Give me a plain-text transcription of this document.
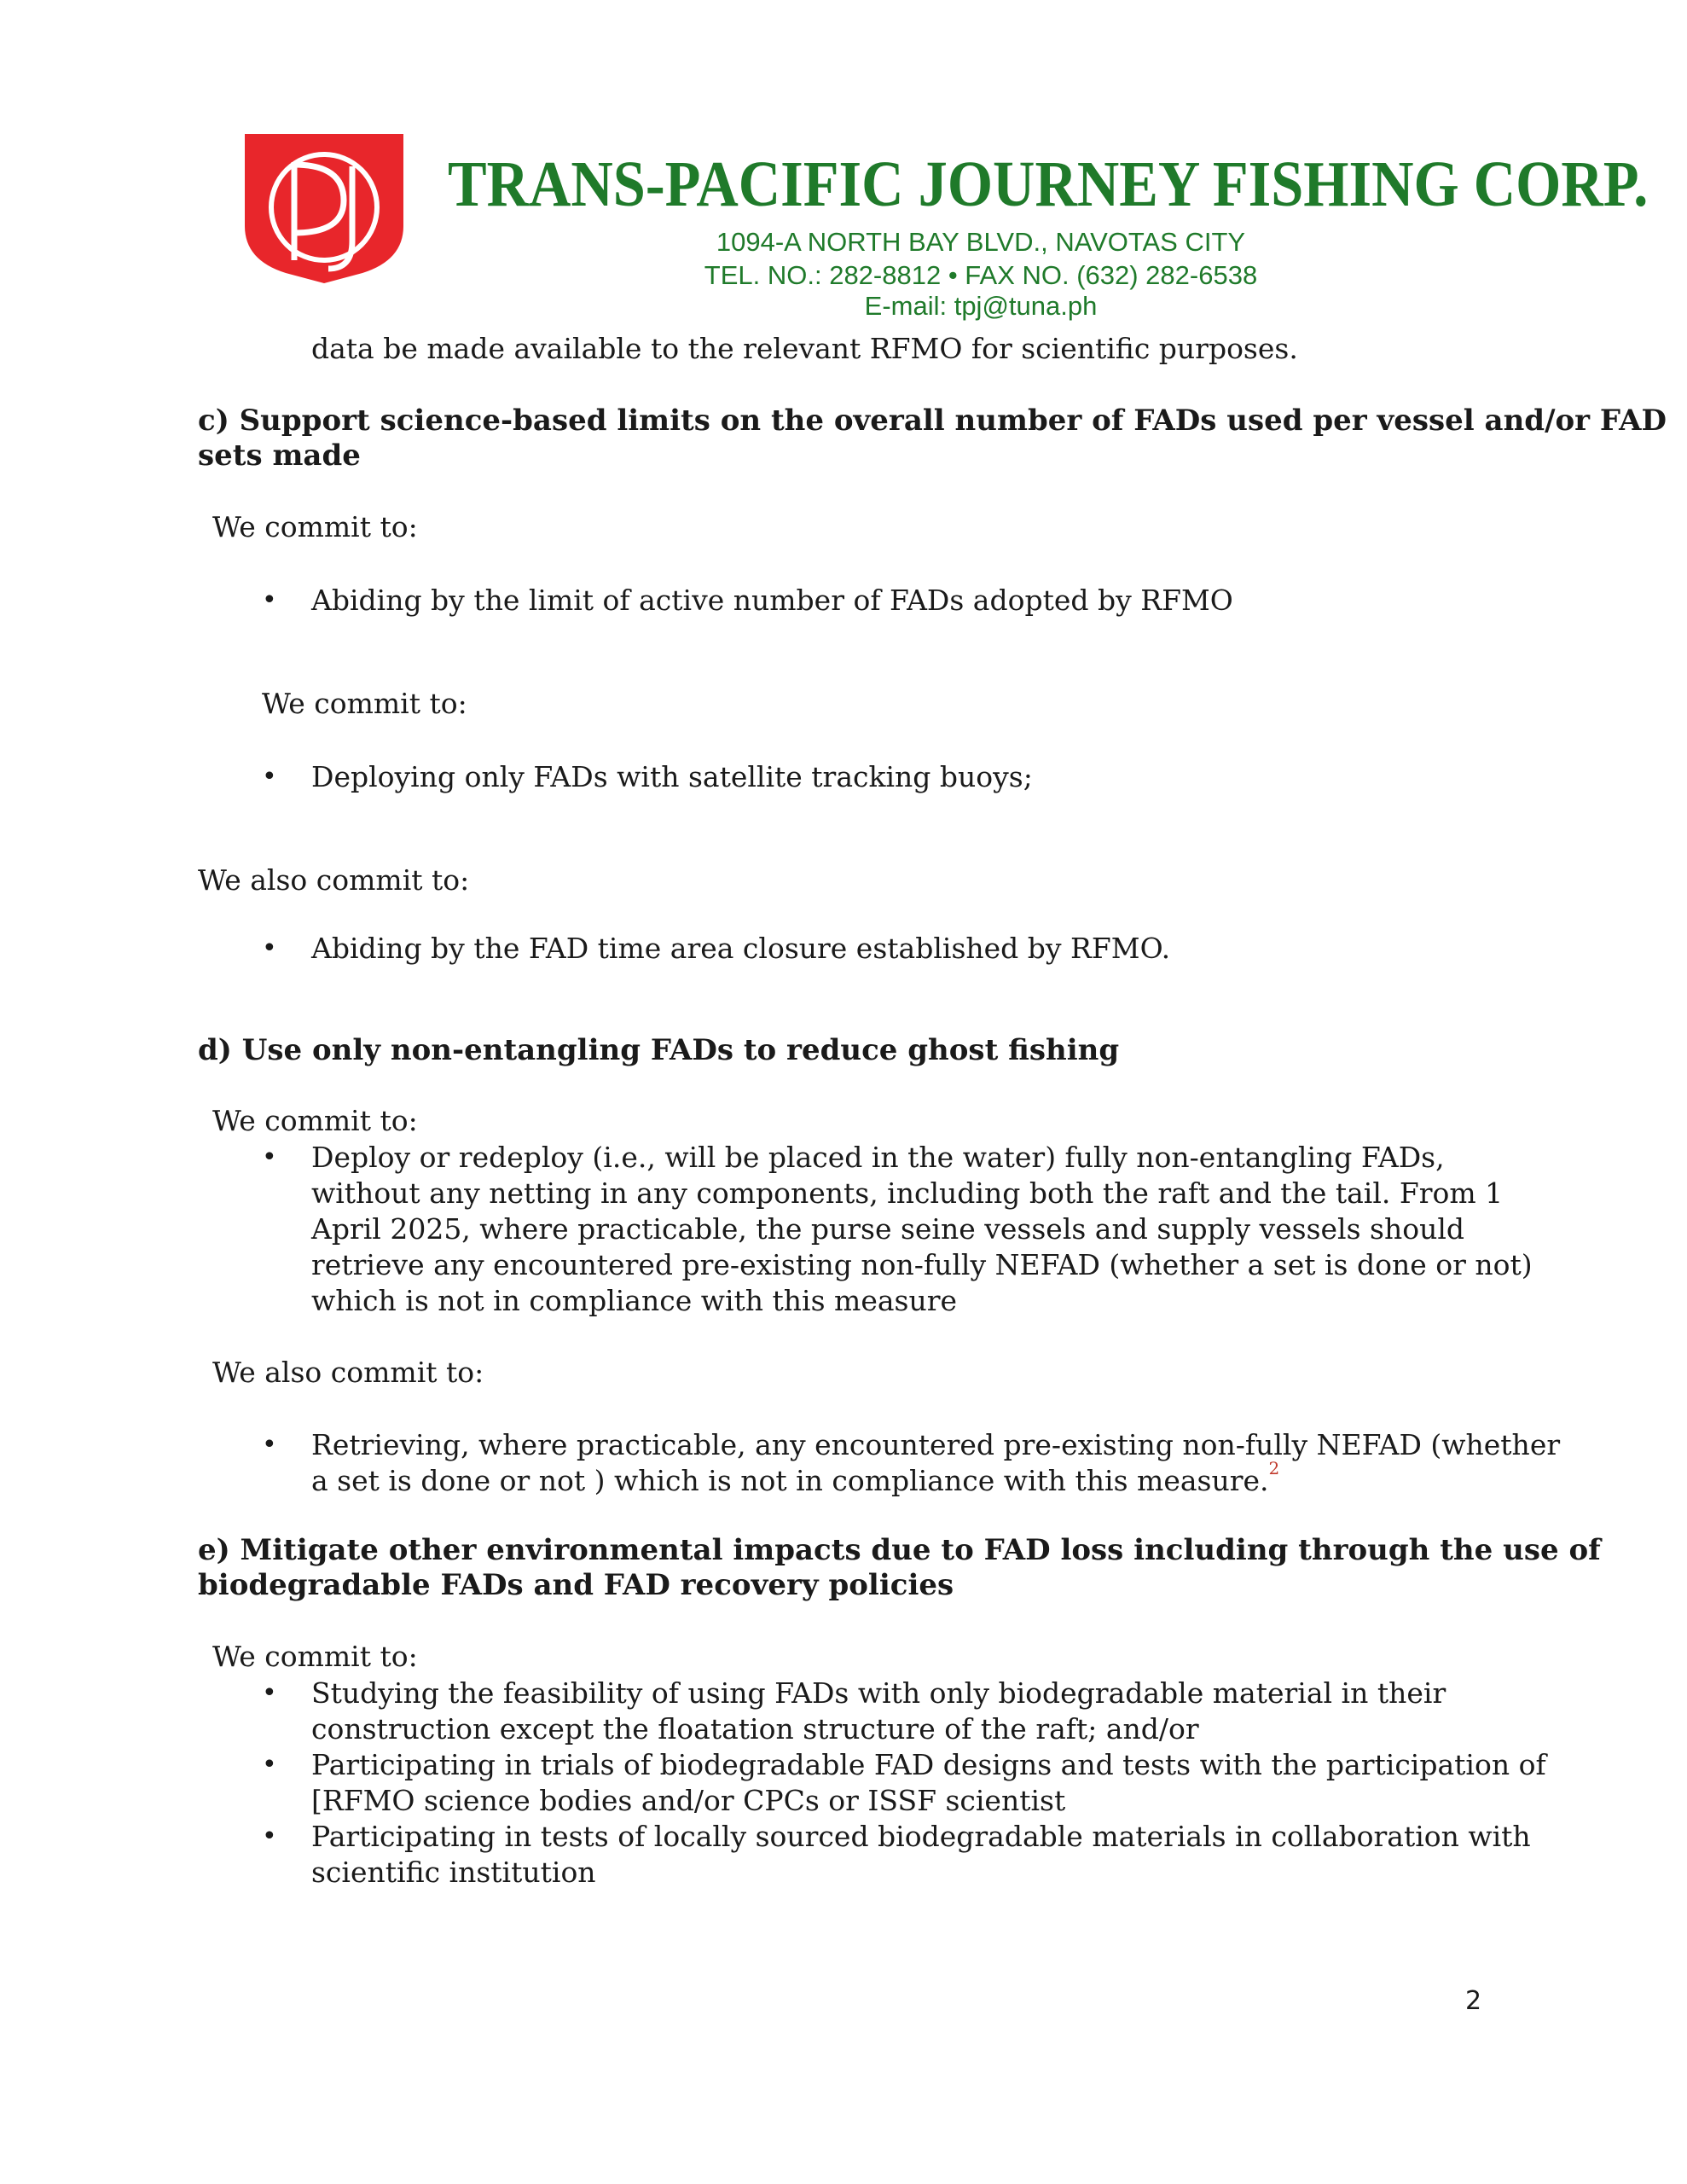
TRANS-PACIFIC JOURNEY FISHING CORP.
1094-A NORTH BAY BLVD., NAVOTAS CITY
TEL. NO.: 282-8812 • FAX NO. (632) 282-6538
E-mail: tpj@tuna.ph
data be made available to the relevant RFMO for scientific purposes.
c) Support science-based limits on the overall number of FADs used per vessel and/or FAD
sets made
We commit to:
• Abiding by the limit of active number of FADs adopted by RFMO
We commit to:
• Deploying only FADs with satellite tracking buoys;
We also commit to:
• Abiding by the FAD time area closure established by RFMO.
d) Use only non-entangling FADs to reduce ghost fishing
We commit to:
• Deploy or redeploy (i.e., will be placed in the water) fully non-entangling FADs,
without any netting in any components, including both the raft and the tail. From 1
April 2025, where practicable, the purse seine vessels and supply vessels should
retrieve any encountered pre-existing non-fully NEFAD (whether a set is done or not)
which is not in compliance with this measure
We also commit to:
• Retrieving, where practicable, any encountered pre-existing non-fully NEFAD (whether
a set is done or not ) which is not in compliance with this measure.$^2$
e) Mitigate other environmental impacts due to FAD loss including through the use of
biodegradable FADs and FAD recovery policies
We commit to:
• Studying the feasibility of using FADs with only biodegradable material in their
construction except the floatation structure of the raft; and/or
• Participating in trials of biodegradable FAD designs and tests with the participation of
[RFMO science bodies and/or CPCs or ISSF scientist
• Participating in tests of locally sourced biodegradable materials in collaboration with
scientific institution
2
